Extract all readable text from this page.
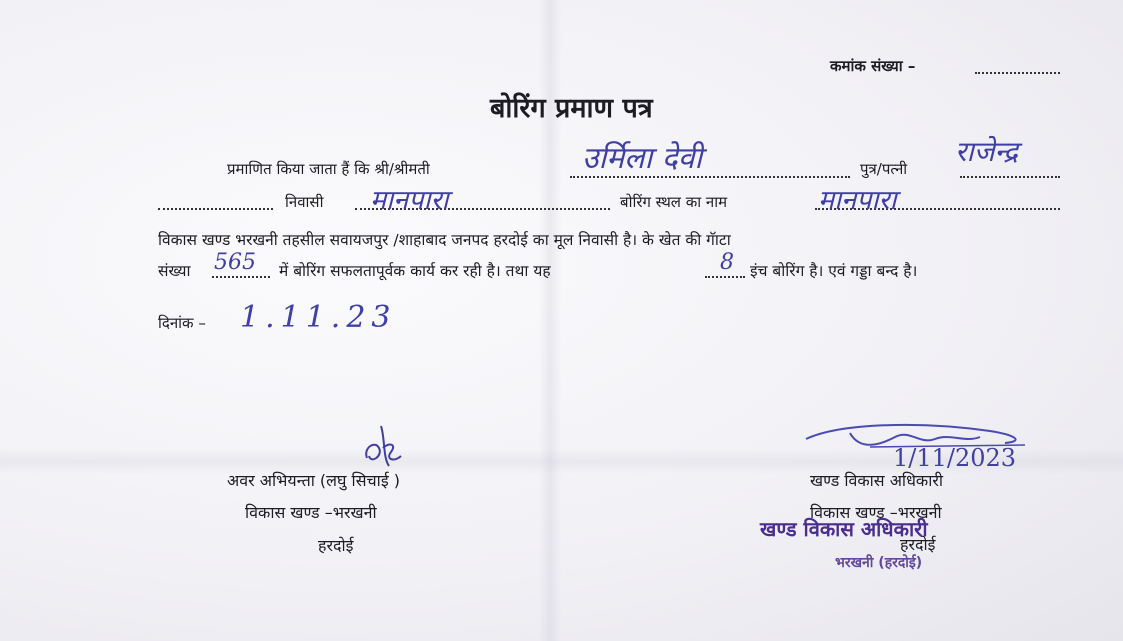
कमांक संख्या –
बोरिंग प्रमाण पत्र
प्रमाणित किया जाता हैं कि श्री/श्रीमती	उर्मिला देवी	पुत्र/पत्नी
राजेन्द्र
निवासी मानपारा	बोरिंग स्थल का नाम	मानपारा
विकास खण्ड भरखनी तहसील सवायजपुर /शाहाबाद जनपद हरदोई का मूल निवासी है। के खेत की गॅाटा
संख्या 565 में बोरिंग सफलतापूर्वक कार्य कर रही है। तथा यह	8 इंच बोरिंग है। एवं गड्डा बन्द है।
दिनांक – 1.11.23
अवर अभियन्ता (लघु सिचाई )
विकास खण्ड –भरखनी
हरदोई
1/11/2023
खण्ड विकास अधिकारी
विकास खण्ड –भरखनी
हरदोई
खण्ड विकास अधिकारी
भरखनी (हरदोई)
